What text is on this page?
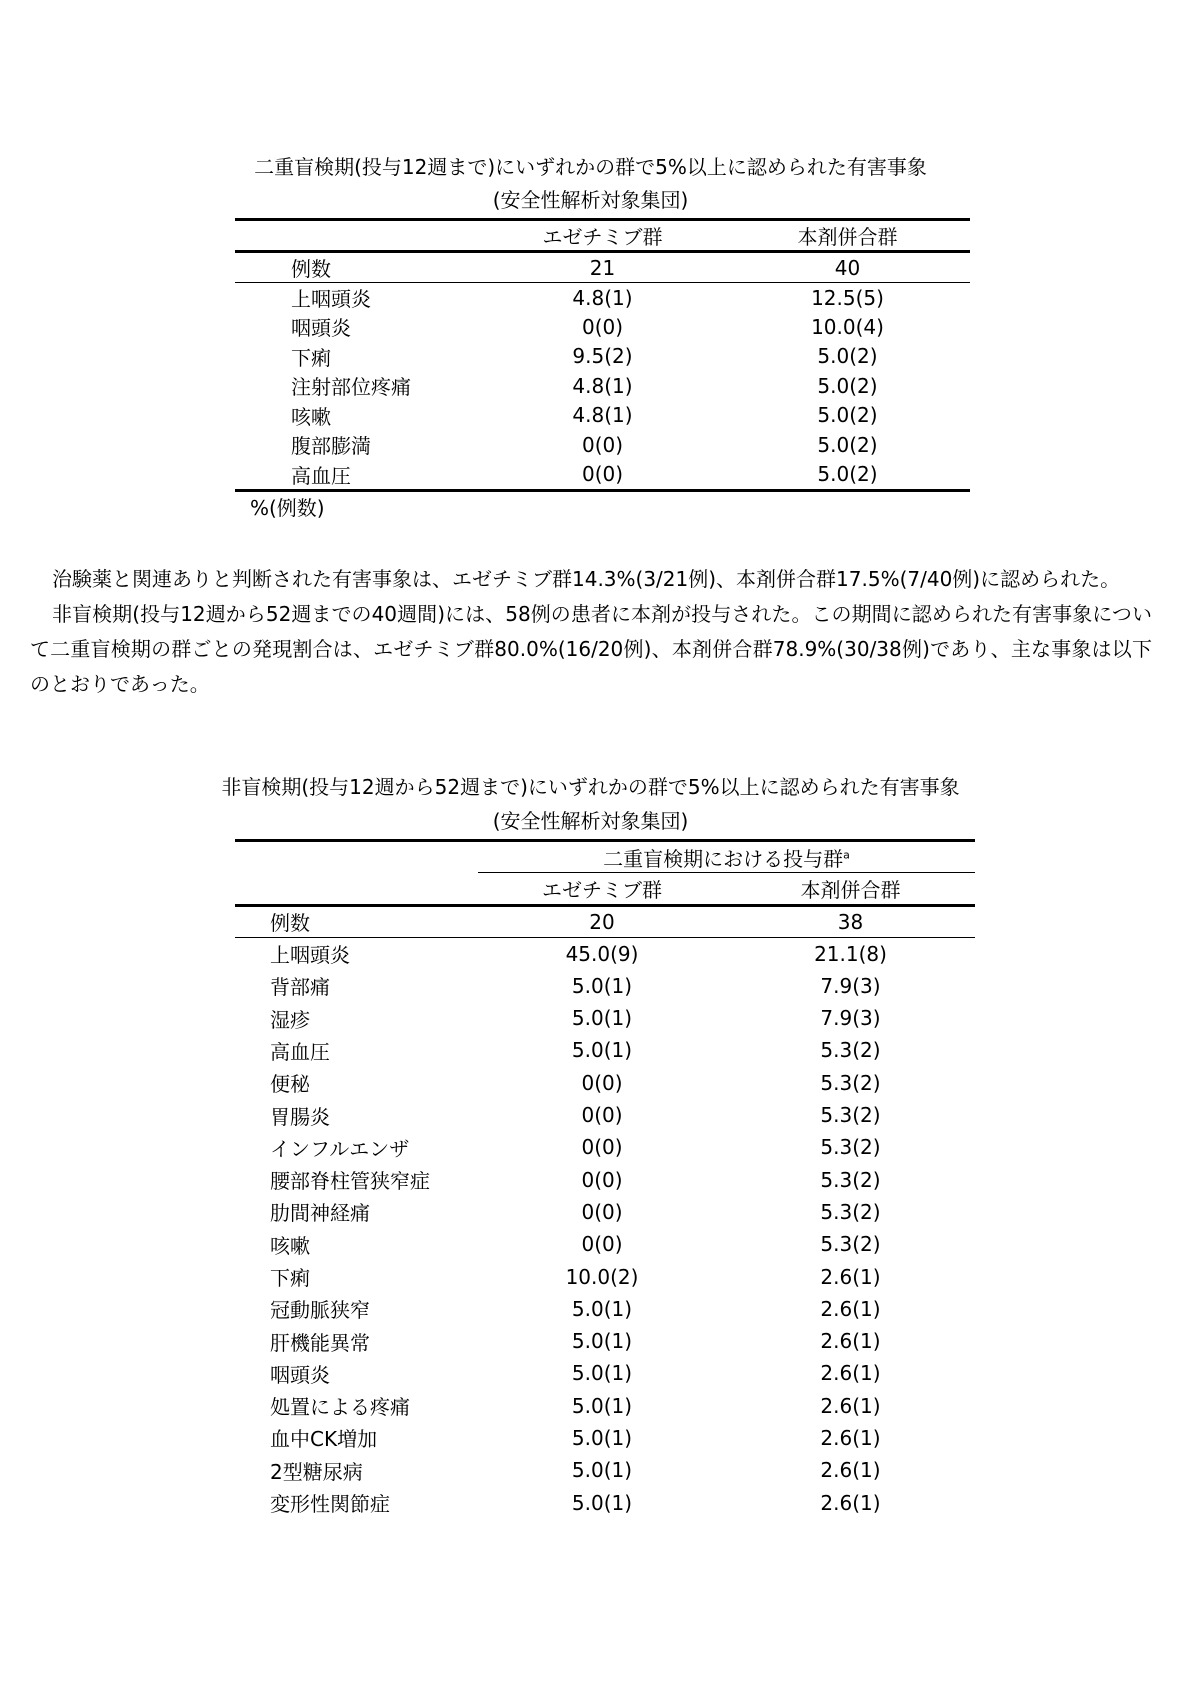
二重盲検期(投与12週まで)にいずれかの群で5%以上に認められた有害事象
(安全性解析対象集団)
	エゼチミブ群	本剤併合群
例数	21	40
上咽頭炎	4.8(1)	12.5(5)
咽頭炎	0(0)	10.0(4)
下痢	9.5(2)	5.0(2)
注射部位疼痛	4.8(1)	5.0(2)
咳嗽	4.8(1)	5.0(2)
腹部膨満	0(0)	5.0(2)
高血圧	0(0)	5.0(2)
%(例数)

治験薬と関連ありと判断された有害事象は、エゼチミブ群14.3%(3/21例)、本剤併合群17.5%(7/40例)に認められた。

非盲検期(投与12週から52週までの40週間)には、58例の患者に本剤が投与された。この期間に認められた有害事象について二重盲検期の群ごとの発現割合は、エゼチミブ群80.0%(16/20例)、本剤併合群78.9%(30/38例)であり、主な事象は以下のとおりであった。

非盲検期(投与12週から52週まで)にいずれかの群で5%以上に認められた有害事象
(安全性解析対象集団)
	二重盲検期における投与群$^a$
	エゼチミブ群	本剤併合群
例数	20	38
上咽頭炎	45.0(9)	21.1(8)
背部痛	5.0(1)	7.9(3)
湿疹	5.0(1)	7.9(3)
高血圧	5.0(1)	5.3(2)
便秘	0(0)	5.3(2)
胃腸炎	0(0)	5.3(2)
インフルエンザ	0(0)	5.3(2)
腰部脊柱管狭窄症	0(0)	5.3(2)
肋間神経痛	0(0)	5.3(2)
咳嗽	0(0)	5.3(2)
下痢	10.0(2)	2.6(1)
冠動脈狭窄	5.0(1)	2.6(1)
肝機能異常	5.0(1)	2.6(1)
咽頭炎	5.0(1)	2.6(1)
処置による疼痛	5.0(1)	2.6(1)
血中CK増加	5.0(1)	2.6(1)
2型糖尿病	5.0(1)	2.6(1)
変形性関節症	5.0(1)	2.6(1)
